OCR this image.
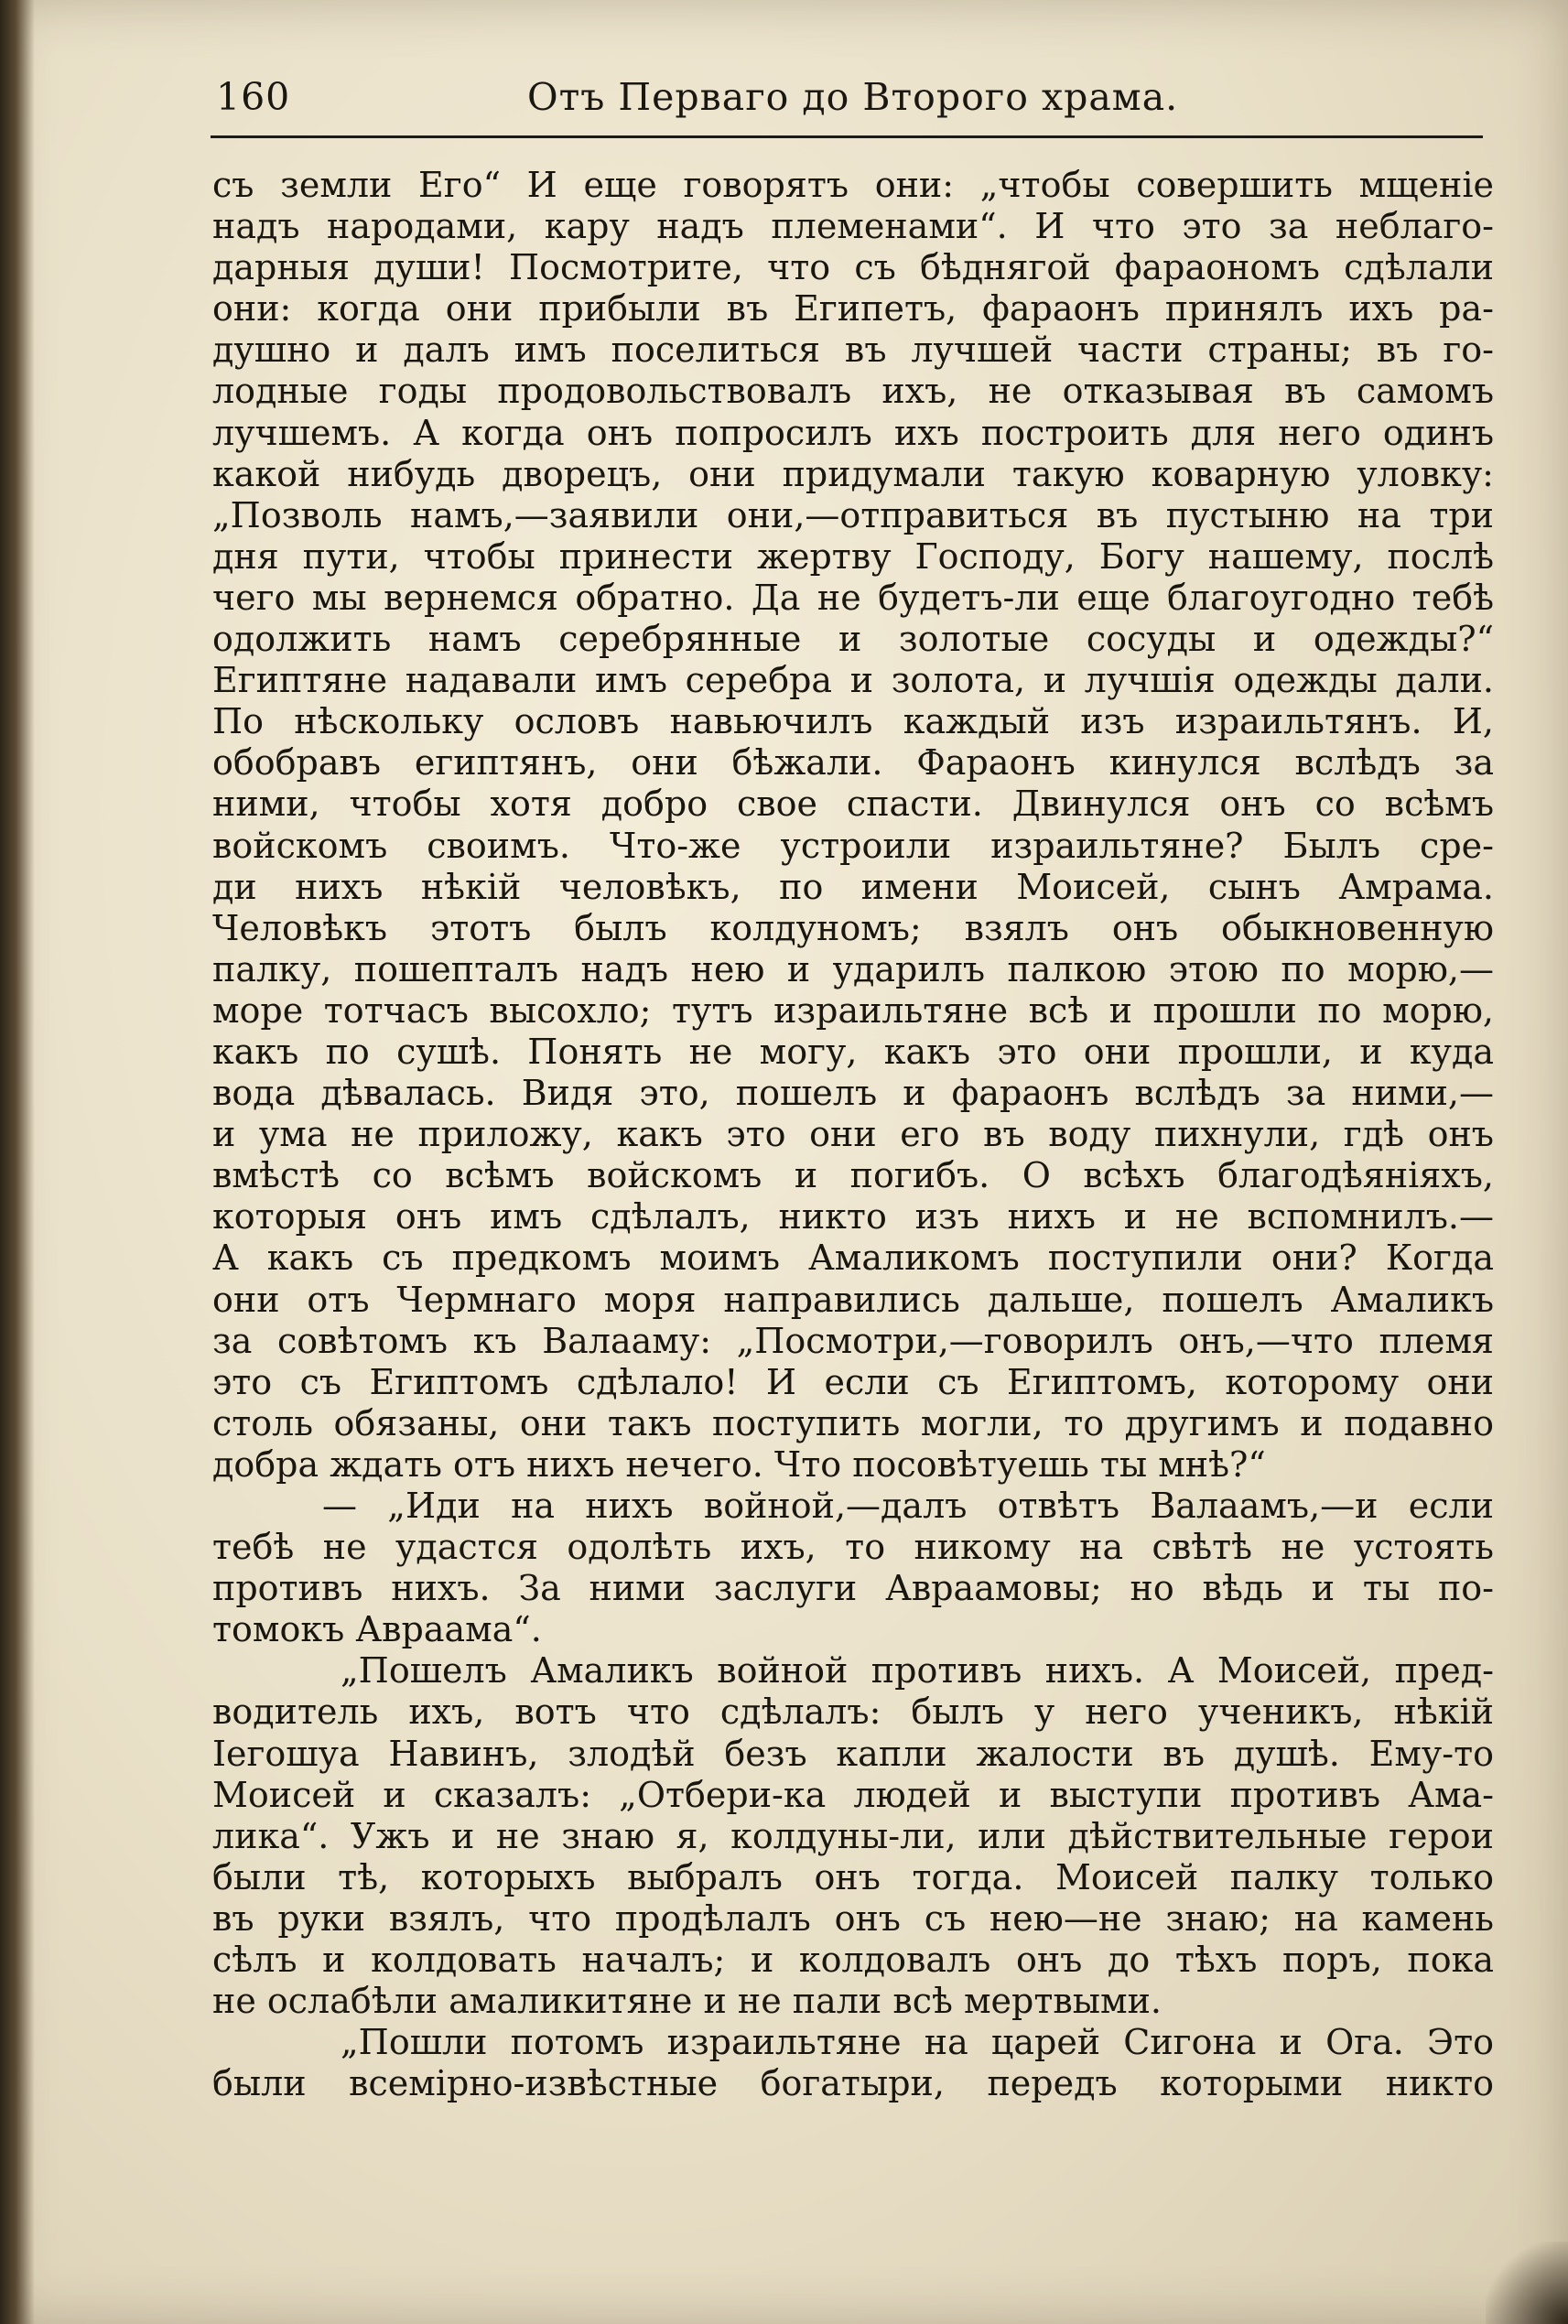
160	Отъ Перваго до Второго храма.
съ земли Его“ И еще говорятъ они: „чтобы совершить мщеніе
надъ народами, кару надъ племенами“. И что это за неблаго-
дарныя души! Посмотрите, что съ бѣднягой фараономъ сдѣлали
они: когда они прибыли въ Египетъ, фараонъ принялъ ихъ ра-
душно и далъ имъ поселиться въ лучшей части страны; въ го-
лодные годы продовольствовалъ ихъ, не отказывая въ самомъ
лучшемъ. А когда онъ попросилъ ихъ построить для него одинъ
какой нибудь дворецъ, они придумали такую коварную уловку:
„Позволь намъ,—заявили они,—отправиться въ пустыню на три
дня пути, чтобы принести жертву Господу, Богу нашему, послѣ
чего мы вернемся обратно. Да не будетъ-ли еще благоугодно тебѣ
одолжить намъ серебрянные и золотые сосуды и одежды?“
Египтяне надавали имъ серебра и золота, и лучшія одежды дали.
По нѣскольку ословъ навьючилъ каждый изъ израильтянъ. И,
обобравъ египтянъ, они бѣжали. Фараонъ кинулся вслѣдъ за
ними, чтобы хотя добро свое спасти. Двинулся онъ со всѣмъ
войскомъ своимъ. Что-же устроили израильтяне? Былъ сре-
ди нихъ нѣкій человѣкъ, по имени Моисей, сынъ Амрама.
Человѣкъ этотъ былъ колдуномъ; взялъ онъ обыкновенную
палку, пошепталъ надъ нею и ударилъ палкою этою по морю,—
море тотчасъ высохло; тутъ израильтяне всѣ и прошли по морю,
какъ по сушѣ. Понять не могу, какъ это они прошли, и куда
вода дѣвалась. Видя это, пошелъ и фараонъ вслѣдъ за ними,—
и ума не приложу, какъ это они его въ воду пихнули, гдѣ онъ
вмѣстѣ со всѣмъ войскомъ и погибъ. О всѣхъ благодѣяніяхъ,
которыя онъ имъ сдѣлалъ, никто изъ нихъ и не вспомнилъ.—
А какъ съ предкомъ моимъ Амаликомъ поступили они? Когда
они отъ Чермнаго моря направились дальше, пошелъ Амаликъ
за совѣтомъ къ Валааму: „Посмотри,—говорилъ онъ,—что племя
это съ Египтомъ сдѣлало! И если съ Египтомъ, которому они
столь обязаны, они такъ поступить могли, то другимъ и подавно
добра ждать отъ нихъ нечего. Что посовѣтуешь ты мнѣ?“
— „Иди на нихъ войной,—далъ отвѣтъ Валаамъ,—и если
тебѣ не удастся одолѣть ихъ, то никому на свѣтѣ не устоять
противъ нихъ. За ними заслуги Авраамовы; но вѣдь и ты по-
томокъ Авраама“.
„Пошелъ Амаликъ войной противъ нихъ. А Моисей, пред-
водитель ихъ, вотъ что сдѣлалъ: былъ у него ученикъ, нѣкій
Іегошуа Навинъ, злодѣй безъ капли жалости въ душѣ. Ему-то
Моисей и сказалъ: „Отбери-ка людей и выступи противъ Ама-
лика“. Ужъ и не знаю я, колдуны-ли, или дѣйствительные герои
были тѣ, которыхъ выбралъ онъ тогда. Моисей палку только
въ руки взялъ, что продѣлалъ онъ съ нею—не знаю; на камень
сѣлъ и колдовать началъ; и колдовалъ онъ до тѣхъ поръ, пока
не ослабѣли амаликитяне и не пали всѣ мертвыми.
„Пошли потомъ израильтяне на царей Сигона и Ога. Это
были всемірно-извѣстные богатыри, передъ которыми никто
